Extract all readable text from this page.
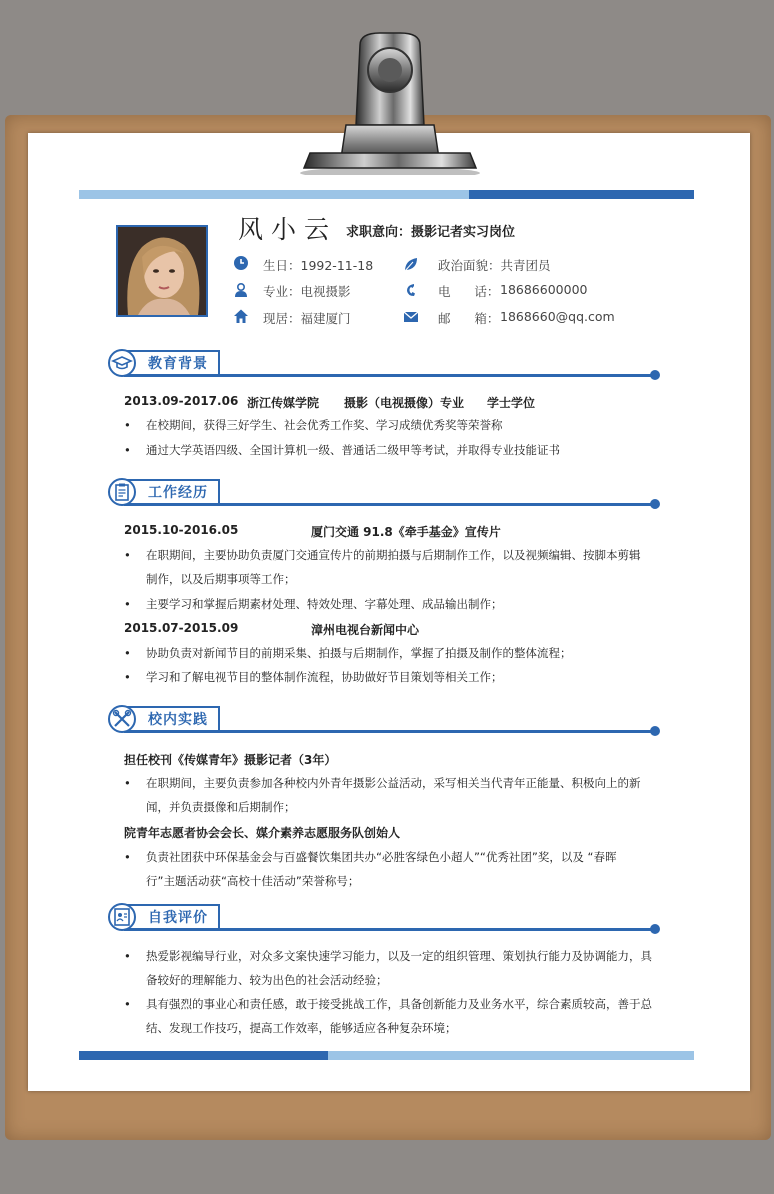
风小云 求职意向：摄影记者实习岗位
生日：1992-11-18
专业：电视摄影
现居：福建厦门
政治面貌：共青团员
电      话： 18686600000
邮      箱： 1868660@qq.com
教育背景
2013.09-2017.06 浙江传媒学院 摄影（电视摄像）专业 学士学位
• 在校期间，获得三好学生、社会优秀工作奖、学习成绩优秀奖等荣誉称
• 通过大学英语四级、全国计算机一级、普通话二级甲等考试，并取得专业技能证书
工作经历
2015.10-2016.05	厦门交通 91.8《牵手基金》宣传片
• 在职期间，主要协助负责厦门交通宣传片的前期拍摄与后期制作工作，以及视频编辑、按脚本剪辑
制作，以及后期事项等工作；
• 主要学习和掌握后期素材处理、特效处理、字幕处理、成品输出制作；
2015.07-2015.09	漳州电视台新闻中心
• 协助负责对新闻节目的前期采集、拍摄与后期制作，掌握了拍摄及制作的整体流程；
• 学习和了解电视节目的整体制作流程，协助做好节目策划等相关工作；
校内实践
担任校刊《传媒青年》摄影记者（3年）
• 在职期间，主要负责参加各种校内外青年摄影公益活动，采写相关当代青年正能量、积极向上的新
闻，并负责摄像和后期制作；
院青年志愿者协会会长、媒介素养志愿服务队创始人
• 负责社团获中环保基金会与百盛餐饮集团共办“必胜客绿色小超人”“优秀社团”奖，以及 “春晖
行”主题活动获“高校十佳活动”荣誉称号；
自我评价
• 热爱影视编导行业，对众多文案快速学习能力，以及一定的组织管理、策划执行能力及协调能力，具
备较好的理解能力、较为出色的社会活动经验；
• 具有强烈的事业心和责任感，敢于接受挑战工作，具备创新能力及业务水平，综合素质较高，善于总
结、发现工作技巧，提高工作效率，能够适应各种复杂环境；
